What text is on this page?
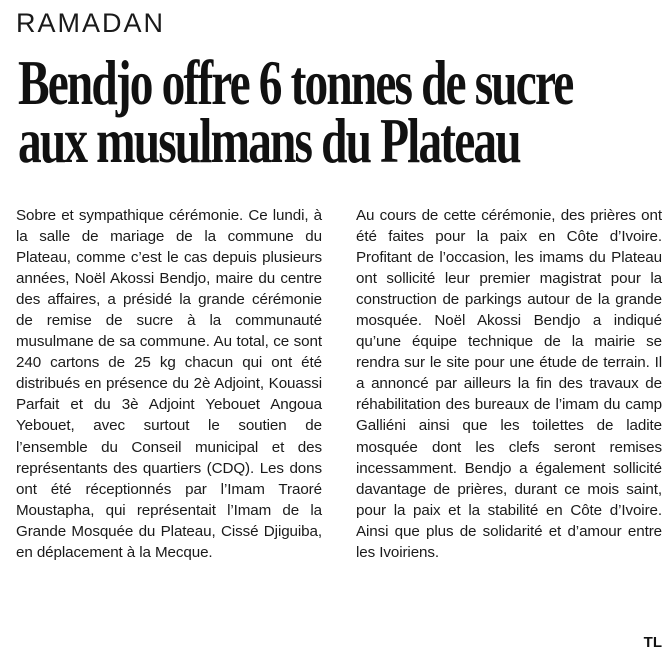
RAMADAN
Bendjo offre 6 tonnes de sucre
aux musulmans du Plateau

Sobre et sympathique cérémonie. Ce lundi, à la salle de mariage de la commune du Plateau, comme c’est le cas depuis plusieurs années, Noël Akossi Bendjo, maire du centre des affaires, a présidé la grande cérémonie de remise de sucre à la communauté musulmane de sa commune. Au total, ce sont 240 cartons de 25 kg chacun qui ont été distribués en présence du 2è Adjoint, Kouassi Parfait et du 3è Adjoint Yebouet Angoua Yebouet, avec surtout le soutien de l’ensemble du Conseil municipal et des représentants des quartiers (CDQ). Les dons ont été réceptionnés par l’Imam Traoré Moustapha, qui représentait l’Imam de la Grande Mosquée du Plateau, Cissé Djiguiba, en déplacement à la Mecque.

Au cours de cette cérémonie, des prières ont été faites pour la paix en Côte d’Ivoire. Profitant de l’occasion, les imams du Plateau ont sollicité leur premier magistrat pour la construction de parkings autour de la grande mosquée. Noël Akossi Bendjo a indiqué qu’une équipe technique de la mairie se rendra sur le site pour une étude de terrain. Il a annoncé par ailleurs la fin des travaux de réhabilitation des bureaux de l’imam du camp Galliéni ainsi que les toilettes de ladite mosquée dont les clefs seront remises incessamment. Bendjo a également sollicité davantage de prières, durant ce mois saint, pour la paix et la stabilité en Côte d’Ivoire. Ainsi que plus de solidarité et d’amour entre les Ivoiriens.

TL
